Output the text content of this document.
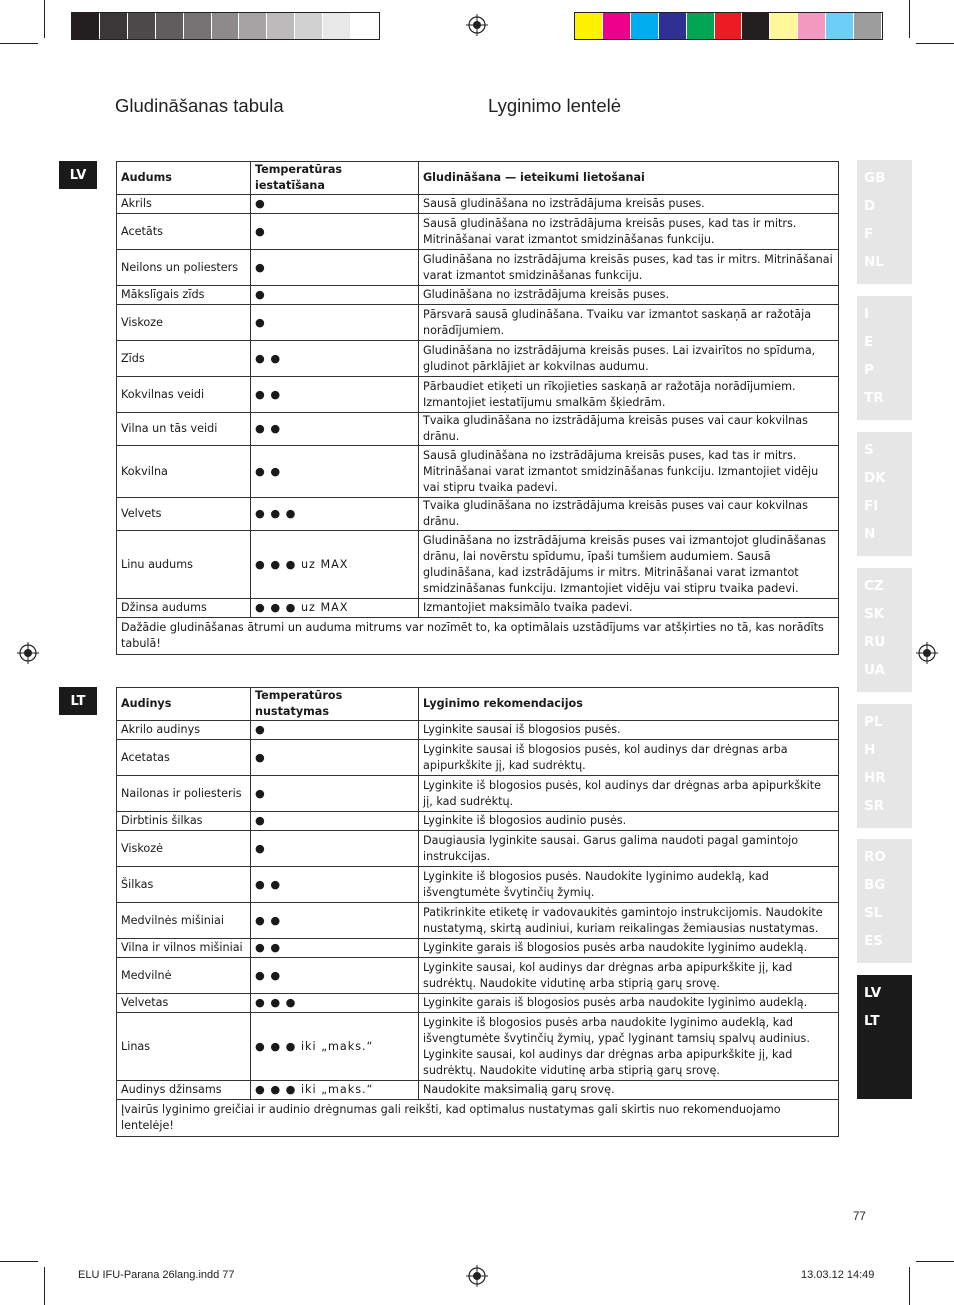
Gludināšanas tabula	Lyginimo lentelė
LV	Audums	Temperatūras iestatīšana	Gludināšana — ieteikumi lietošanai
Akrils	●	Sausā gludināšana no izstrādājuma kreisās puses.
Acetāts	●	Sausā gludināšana no izstrādājuma kreisās puses, kad tas ir mitrs. Mitrināšanai varat izmantot smidzināšanas funkciju.
Neilons un poliesters	●	Gludināšana no izstrādājuma kreisās puses, kad tas ir mitrs. Mitrināšanai varat izmantot smidzināšanas funkciju.
Mākslīgais zīds	●	Gludināšana no izstrādājuma kreisās puses.
Viskoze	●	Pārsvarā sausā gludināšana. Tvaiku var izmantot saskaņā ar ražotāja norādījumiem.
Zīds	● ●	Gludināšana no izstrādājuma kreisās puses. Lai izvairītos no spīduma, gludinot pārklājiet ar kokvilnas audumu.
Kokvilnas veidi	● ●	Pārbaudiet etiķeti un rīkojieties saskaņā ar ražotāja norādījumiem. Izmantojiet iestatījumu smalkām šķiedrām.
Vilna un tās veidi	● ●	Tvaika gludināšana no izstrādājuma kreisās puses vai caur kokvilnas drānu.
Kokvilna	● ●	Sausā gludināšana no izstrādājuma kreisās puses, kad tas ir mitrs. Mitrināšanai varat izmantot smidzināšanas funkciju. Izmantojiet vidēju vai stipru tvaika padevi.
Velvets	● ● ●	Tvaika gludināšana no izstrādājuma kreisās puses vai caur kokvilnas drānu.
Linu audums	● ● ● uz MAX	Gludināšana no izstrādājuma kreisās puses vai izmantojot gludināšanas drānu, lai novērstu spīdumu, īpaši tumšiem audumiem. Sausā gludināšana, kad izstrādājums ir mitrs. Mitrināšanai varat izmantot smidzināšanas funkciju. Izmantojiet vidēju vai stipru tvaika padevi.
Džinsa audums	● ● ● uz MAX	Izmantojiet maksimālo tvaika padevi.
Dažādie gludināšanas ātrumi un auduma mitrums var nozīmēt to, ka optimālais uzstādījums var atšķirties no tā, kas norādīts tabulā!		
LT	Audinys	Temperatūros nustatymas	Lyginimo rekomendacijos
Akrilo audinys	●	Lyginkite sausai iš blogosios pusės.
Acetatas	●	Lyginkite sausai iš blogosios pusės, kol audinys dar drėgnas arba apipurkškite jį, kad sudrėktų.
Nailonas ir poliesteris	●	Lyginkite iš blogosios pusės, kol audinys dar drėgnas arba apipurkškite jį, kad sudrėktų.
Dirbtinis šilkas	●	Lyginkite iš blogosios audinio pusės.
Viskozė	●	Daugiausia lyginkite sausai. Garus galima naudoti pagal gamintojo instrukcijas.
Šilkas	● ●	Lyginkite iš blogosios pusės. Naudokite lyginimo audeklą, kad išvengtumėte švytinčių žymių.
Medvilnės mišiniai	● ●	Patikrinkite etiketę ir vadovaukitės gamintojo instrukcijomis. Naudokite nustatymą, skirtą audiniui, kuriam reikalingas žemiausias nustatymas.
Vilna ir vilnos mišiniai	● ●	Lyginkite garais iš blogosios pusės arba naudokite lyginimo audeklą.
Medvilnė	● ●	Lyginkite sausai, kol audinys dar drėgnas arba apipurkškite jį, kad sudrėktų. Naudokite vidutinę arba stiprią garų srovę.
Velvetas	● ● ●	Lyginkite garais iš blogosios pusės arba naudokite lyginimo audeklą.
Linas	● ● ● iki „maks.“	Lyginkite iš blogosios pusės arba naudokite lyginimo audeklą, kad išvengtumėte švytinčių žymių, ypač lyginant tamsių spalvų audinius. Lyginkite sausai, kol audinys dar drėgnas arba apipurkškite jį, kad sudrėktų. Naudokite vidutinę arba stiprią garų srovę.
Audinys džinsams	● ● ● iki „maks.“	Naudokite maksimalią garų srovę.
Įvairūs lyginimo greičiai ir audinio drėgnumas gali reikšti, kad optimalus nustatymas gali skirtis nuo rekomenduojamo lentelėje!		
GB
D
F
NL
I
E
P
TR
S
DK
FI
N
CZ
SK
RU
UA
PL
H
HR
SR
RO
BG
SL
ES
LV
LT
77
ELU IFU-Parana 26lang.indd 77	13.03.12 14:49
